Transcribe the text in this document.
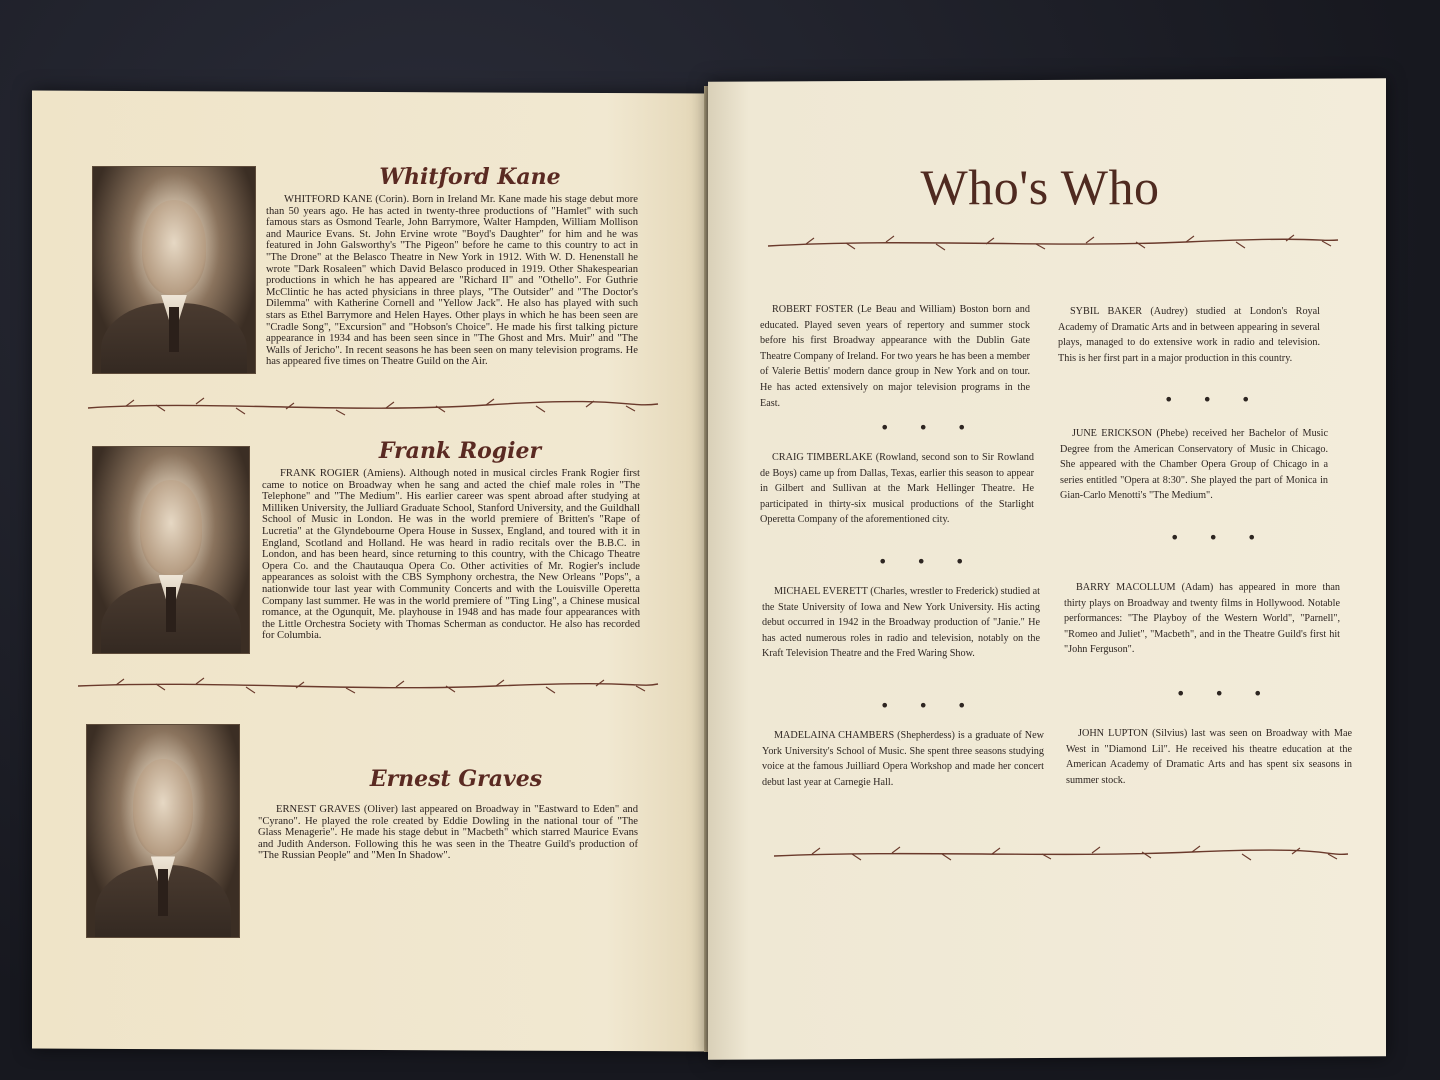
Whitford Kane
WHITFORD KANE (Corin). Born in Ireland Mr. Kane made his stage debut more than 50 years ago. He has acted in twenty-three productions of "Hamlet" with such famous stars as Osmond Tearle, John Barrymore, Walter Hampden, William Mollison and Maurice Evans. St. John Ervine wrote "Boyd's Daughter" for him and he was featured in John Galsworthy's "The Pigeon" before he came to this country to act in "The Drone" at the Belasco Theatre in New York in 1912. With W. D. Henenstall he wrote "Dark Rosaleen" which David Belasco produced in 1919. Other Shakespearian productions in which he has appeared are "Richard II" and "Othello". For Guthrie McClintic he has acted physicians in three plays, "The Outsider" and "The Doctor's Dilemma" with Katherine Cornell and "Yellow Jack". He also has played with such stars as Ethel Barrymore and Helen Hayes. Other plays in which he has been seen are "Cradle Song", "Excursion" and "Hobson's Choice". He made his first talking picture appearance in 1934 and has been seen since in "The Ghost and Mrs. Muir" and "The Walls of Jericho". In recent seasons he has been seen on many television programs. He has appeared five times on Theatre Guild on the Air.
Frank Rogier
FRANK ROGIER (Amiens). Although noted in musical circles Frank Rogier first came to notice on Broadway when he sang and acted the chief male roles in "The Telephone" and "The Medium". His earlier career was spent abroad after studying at Milliken University, the Julliard Graduate School, Stanford University, and the Guildhall School of Music in London. He was in the world premiere of Britten's "Rape of Lucretia" at the Glyndebourne Opera House in Sussex, England, and toured with it in England, Scotland and Holland. He was heard in radio recitals over the B.B.C. in London, and has been heard, since returning to this country, with the Chicago Theatre Opera Co. and the Chautauqua Opera Co. Other activities of Mr. Rogier's include appearances as soloist with the CBS Symphony orchestra, the New Orleans "Pops", a nationwide tour last year with Community Concerts and with the Louisville Operetta Company last summer. He was in the world premiere of "Ting Ling", a Chinese musical romance, at the Ogunquit, Me. playhouse in 1948 and has made four appearances with the Little Orchestra Society with Thomas Scherman as conductor. He also has recorded for Columbia.
Ernest Graves
ERNEST GRAVES (Oliver) last appeared on Broadway in "Eastward to Eden" and "Cyrano". He played the role created by Eddie Dowling in the national tour of "The Glass Menagerie". He made his stage debut in "Macbeth" which starred Maurice Evans and Judith Anderson. Following this he was seen in the Theatre Guild's production of "The Russian People" and "Men In Shadow".
Who's Who
ROBERT FOSTER (Le Beau and William) Boston born and educated. Played seven years of repertory and summer stock before his first Broadway appearance with the Dublin Gate Theatre Company of Ireland. For two years he has been a member of Valerie Bettis' modern dance group in New York and on tour. He has acted extensively on major television programs in the East.
• • •
CRAIG TIMBERLAKE (Rowland, second son to Sir Rowland de Boys) came up from Dallas, Texas, earlier this season to appear in Gilbert and Sullivan at the Mark Hellinger Theatre. He participated in thirty-six musical productions of the Starlight Operetta Company of the aforementioned city.
• • •
MICHAEL EVERETT (Charles, wrestler to Frederick) studied at the State University of Iowa and New York University. His acting debut occurred in 1942 in the Broadway production of "Janie." He has acted numerous roles in radio and television, notably on the Kraft Television Theatre and the Fred Waring Show.
• • •
MADELAINA CHAMBERS (Shepherdess) is a graduate of New York University's School of Music. She spent three seasons studying voice at the famous Juilliard Opera Workshop and made her concert debut last year at Carnegie Hall.
SYBIL BAKER (Audrey) studied at London's Royal Academy of Dramatic Arts and in between appearing in several plays, managed to do extensive work in radio and television. This is her first part in a major production in this country.
• • •
JUNE ERICKSON (Phebe) received her Bachelor of Music Degree from the American Conservatory of Music in Chicago. She appeared with the Chamber Opera Group of Chicago in a series entitled "Opera at 8:30". She played the part of Monica in Gian-Carlo Menotti's "The Medium".
• • •
BARRY MACOLLUM (Adam) has appeared in more than thirty plays on Broadway and twenty films in Hollywood. Notable performances: "The Playboy of the Western World", "Parnell", "Romeo and Juliet", "Macbeth", and in the Theatre Guild's first hit "John Ferguson".
• • •
JOHN LUPTON (Silvius) last was seen on Broadway with Mae West in "Diamond Lil". He received his theatre education at the American Academy of Dramatic Arts and has spent six seasons in summer stock.
